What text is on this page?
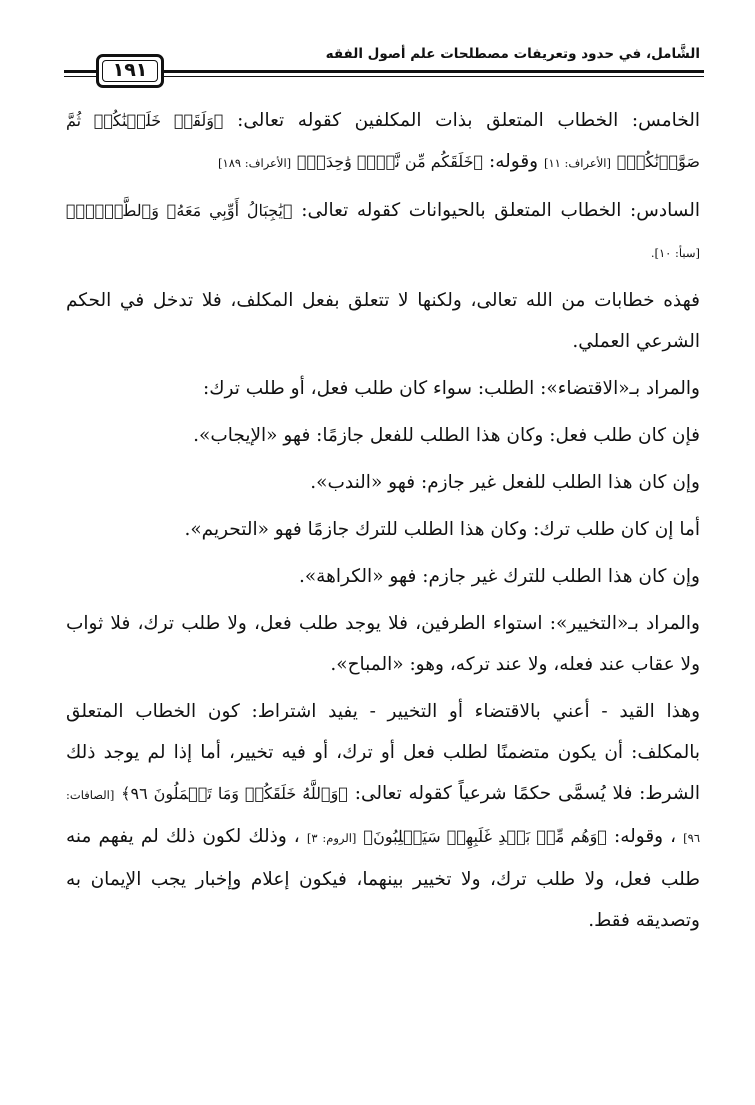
الشَّامل، في حدود وتعريفات مصطلحات علم أصول الفقه
١٩١

الخامس: الخطاب المتعلق بذات المكلفين كقوله تعالى: ﴿وَلَقَدۡ خَلَقۡنَٰكُمۡ ثُمَّ صَوَّرۡنَٰكُمۡ﴾ [الأعراف: ١١] وقوله: ﴿خَلَقَكُم مِّن نَّفۡسٖ وَٰحِدَةٖ﴾ [الأعراف: ١٨٩]

السادس: الخطاب المتعلق بالحيوانات كقوله تعالى: ﴿يَٰجِبَالُ أَوِّبِي مَعَهُۥ وَٱلطَّيۡرَۖ﴾ [سبأ: ١٠].

فهذه خطابات من الله تعالى، ولكنها لا تتعلق بفعل المكلف، فلا تدخل في الحكم الشرعي العملي.

والمراد بـ«الاقتضاء»: الطلب: سواء كان طلب فعل، أو طلب ترك:

فإن كان طلب فعل: وكان هذا الطلب للفعل جازمًا: فهو «الإيجاب».

وإن كان هذا الطلب للفعل غير جازم: فهو «الندب».

أما إن كان طلب ترك: وكان هذا الطلب للترك جازمًا فهو «التحريم».

وإن كان هذا الطلب للترك غير جازم: فهو «الكراهة».

والمراد بـ«التخيير»: استواء الطرفين، فلا يوجد طلب فعل، ولا طلب ترك، فلا ثواب ولا عقاب عند فعله، ولا عند تركه، وهو: «المباح».

وهذا القيد - أعني بالاقتضاء أو التخيير - يفيد اشتراط: كون الخطاب المتعلق بالمكلف: أن يكون متضمنًا لطلب فعل أو ترك، أو فيه تخيير، أما إذا لم يوجد ذلك الشرط: فلا يُسمَّى حكمًا شرعياً كقوله تعالى: ﴿وَٱللَّهُ خَلَقَكُمۡ وَمَا تَعۡمَلُونَ ٩٦﴾ [الصافات: ٩٦] ، وقوله: ﴿وَهُم مِّنۢ بَعۡدِ غَلَبِهِمۡ سَيَغۡلِبُونَ﴾ [الروم: ٣] ، وذلك لكون ذلك لم يفهم منه طلب فعل، ولا طلب ترك، ولا تخيير بينهما، فيكون إعلام وإخبار يجب الإيمان به وتصديقه فقط.
